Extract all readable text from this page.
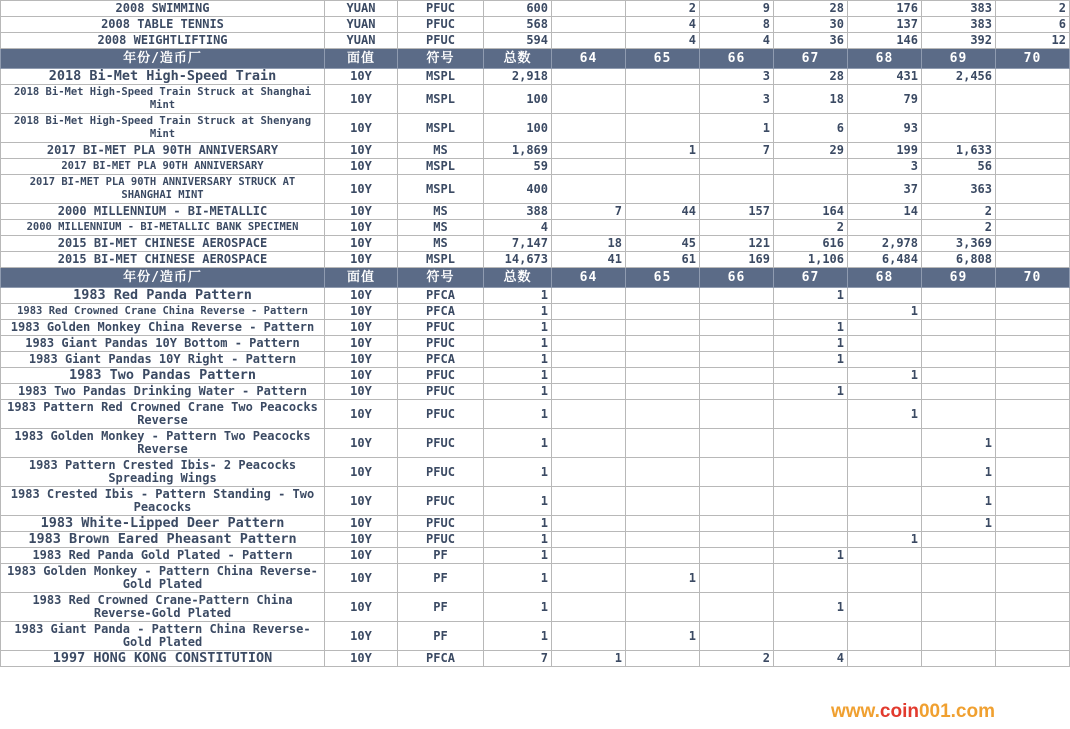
2008 SWIMMING	YUAN	PFUC	600		2	9	28	176	383	2
2008 TABLE TENNIS	YUAN	PFUC	568		4	8	30	137	383	6
2008 WEIGHTLIFTING	YUAN	PFUC	594		4	4	36	146	392	12
年份/造币厂	面值	符号	总数	64	65	66	67	68	69	70
2018 Bi-Met High-Speed Train	10Y	MSPL	2,918			3	28	431	2,456	
2018 Bi-Met High-Speed Train Struck at Shanghai Mint	10Y	MSPL	100			3	18	79		
2018 Bi-Met High-Speed Train Struck at Shenyang Mint	10Y	MSPL	100			1	6	93		
2017 BI-MET PLA 90TH ANNIVERSARY	10Y	MS	1,869		1	7	29	199	1,633	
2017 BI-MET PLA 90TH ANNIVERSARY	10Y	MSPL	59					3	56	
2017 BI-MET PLA 90TH ANNIVERSARY STRUCK AT SHANGHAI MINT	10Y	MSPL	400					37	363	
2000 MILLENNIUM - BI-METALLIC	10Y	MS	388	7	44	157	164	14	2	
2000 MILLENNIUM - BI-METALLIC BANK SPECIMEN	10Y	MS	4				2		2	
2015 BI-MET CHINESE AEROSPACE	10Y	MS	7,147	18	45	121	616	2,978	3,369	
2015 BI-MET CHINESE AEROSPACE	10Y	MSPL	14,673	41	61	169	1,106	6,484	6,808	
年份/造币厂	面值	符号	总数	64	65	66	67	68	69	70
1983 Red Panda Pattern	10Y	PFCA	1				1			
1983 Red Crowned Crane China Reverse - Pattern	10Y	PFCA	1					1		
1983 Golden Monkey China Reverse - Pattern	10Y	PFUC	1				1			
1983 Giant Pandas 10Y Bottom - Pattern	10Y	PFUC	1				1			
1983 Giant Pandas 10Y Right - Pattern	10Y	PFCA	1				1			
1983 Two Pandas Pattern	10Y	PFUC	1					1		
1983 Two Pandas Drinking Water - Pattern	10Y	PFUC	1				1			
1983 Pattern Red Crowned Crane Two Peacocks Reverse	10Y	PFUC	1					1		
1983 Golden Monkey - Pattern Two Peacocks Reverse	10Y	PFUC	1						1	
1983 Pattern Crested Ibis- 2 Peacocks Spreading Wings	10Y	PFUC	1						1	
1983 Crested Ibis - Pattern Standing - Two Peacocks	10Y	PFUC	1						1	
1983 White-Lipped Deer Pattern	10Y	PFUC	1						1	
1983 Brown Eared Pheasant Pattern	10Y	PFUC	1					1		
1983 Red Panda Gold Plated - Pattern	10Y	PF	1				1			
1983 Golden Monkey - Pattern China Reverse-Gold Plated	10Y	PF	1		1					
1983 Red Crowned Crane-Pattern China Reverse-Gold Plated	10Y	PF	1				1			
1983 Giant Panda - Pattern China Reverse-Gold Plated	10Y	PF	1		1					
1997 HONG KONG CONSTITUTION	10Y	PFCA	7	1		2	4			
www.coin001.com
